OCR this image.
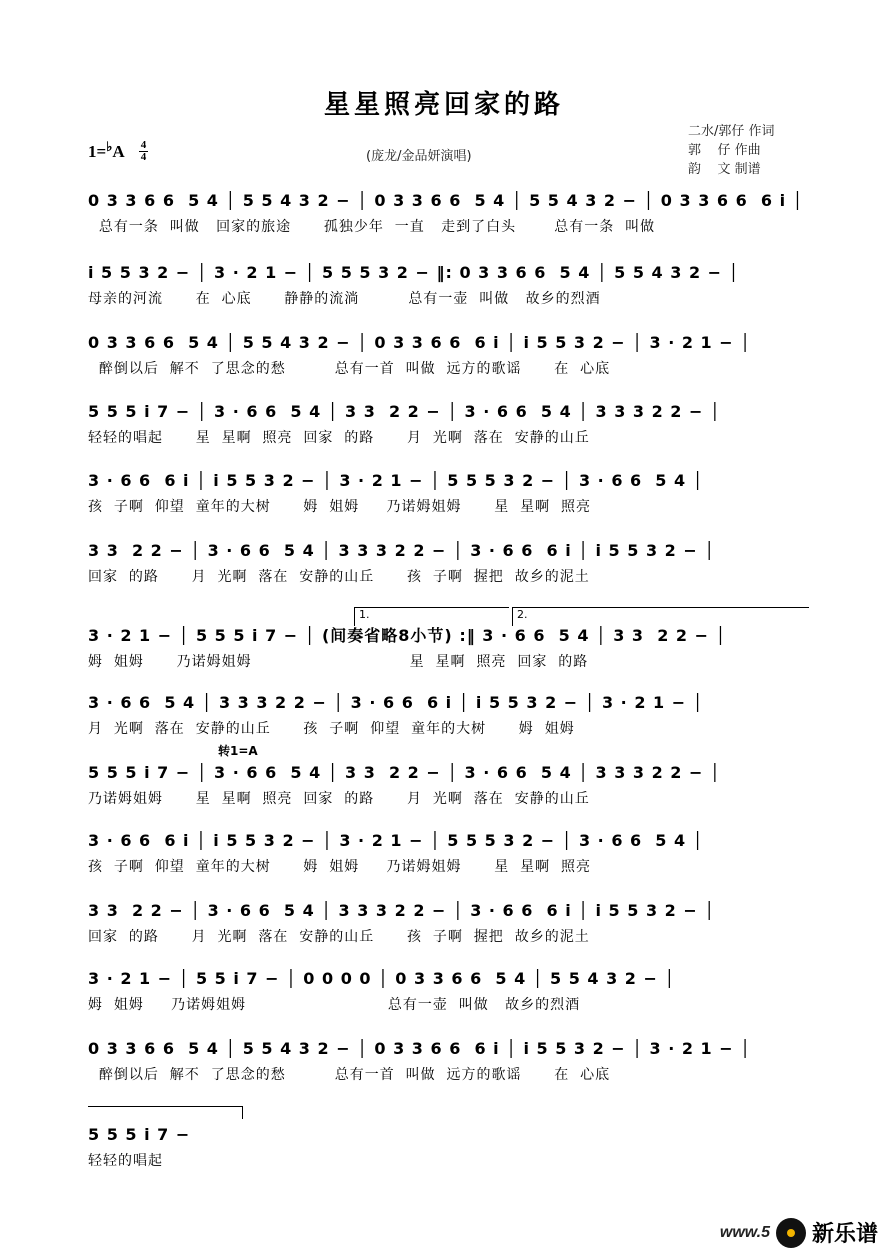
星星照亮回家的路
1=♭A 4
4	(庞龙/金品妍演唱)
二水/郭仔 作词
郭    仔 作曲
韵    文 制谱
0 3 3 6 6  5 4 │ 5 5 4 3 2 − │ 0 3 3 6 6  5 4 │ 5 5 4 3 2 − │ 0 3 3 6 6  6 i │
总有一条  叫做   回家的旅途      孤独少年  一直   走到了白头       总有一条  叫做
i 5 5 3 2 − │ 3 · 2 1 − │ 5 5 5 3 2 − ‖: 0 3 3 6 6  5 4 │ 5 5 4 3 2 − │
母亲的河流      在  心底      静静的流淌         总有一壶  叫做   故乡的烈酒
0 3 3 6 6  5 4 │ 5 5 4 3 2 − │ 0 3 3 6 6  6 i │ i 5 5 3 2 − │ 3 · 2 1 − │
醉倒以后  解不  了思念的愁         总有一首  叫做  远方的歌谣      在  心底
5 5 5 i 7 − │ 3 · 6 6  5 4 │ 3 3  2 2 − │ 3 · 6 6  5 4 │ 3 3 3 2 2 − │
轻轻的唱起      星  星啊  照亮  回家  的路      月  光啊  落在  安静的山丘
3 · 6 6  6 i │ i 5 5 3 2 − │ 3 · 2 1 − │ 5 5 5 3 2 − │ 3 · 6 6  5 4 │
孩  子啊  仰望  童年的大树      姆  姐姆     乃诺姆姐姆      星  星啊  照亮
3 3  2 2 − │ 3 · 6 6  5 4 │ 3 3 3 2 2 − │ 3 · 6 6  6 i │ i 5 5 3 2 − │
回家  的路      月  光啊  落在  安静的山丘      孩  子啊  握把  故乡的泥土
3 · 2 1 − │ 5 5 5 i 7 − │ (间奏省略8小节) :‖ 3 · 6 6  5 4 │ 3 3  2 2 − │
姆  姐姆      乃诺姆姐姆                             星  星啊  照亮  回家  的路
3 · 6 6  5 4 │ 3 3 3 2 2 − │ 3 · 6 6  6 i │ i 5 5 3 2 − │ 3 · 2 1 − │
月  光啊  落在  安静的山丘      孩  子啊  仰望  童年的大树      姆  姐姆
5 5 5 i 7 − │ 3 · 6 6  5 4 │ 3 3  2 2 − │ 3 · 6 6  5 4 │ 3 3 3 2 2 − │
乃诺姆姐姆      星  星啊  照亮  回家  的路      月  光啊  落在  安静的山丘
3 · 6 6  6 i │ i 5 5 3 2 − │ 3 · 2 1 − │ 5 5 5 3 2 − │ 3 · 6 6  5 4 │
孩  子啊  仰望  童年的大树      姆  姐姆     乃诺姆姐姆      星  星啊  照亮
3 3  2 2 − │ 3 · 6 6  5 4 │ 3 3 3 2 2 − │ 3 · 6 6  6 i │ i 5 5 3 2 − │
回家  的路      月  光啊  落在  安静的山丘      孩  子啊  握把  故乡的泥土
3 · 2 1 − │ 5 5 i 7 − │ 0 0 0 0 │ 0 3 3 6 6  5 4 │ 5 5 4 3 2 − │
姆  姐姆     乃诺姆姐姆                          总有一壶  叫做   故乡的烈酒
0 3 3 6 6  5 4 │ 5 5 4 3 2 − │ 0 3 3 6 6  6 i │ i 5 5 3 2 − │ 3 · 2 1 − │
醉倒以后  解不  了思念的愁         总有一首  叫做  远方的歌谣      在  心底
5 5 5 i 7 −
轻轻的唱起
1.	2.
转1=A
www.5 新乐谱
